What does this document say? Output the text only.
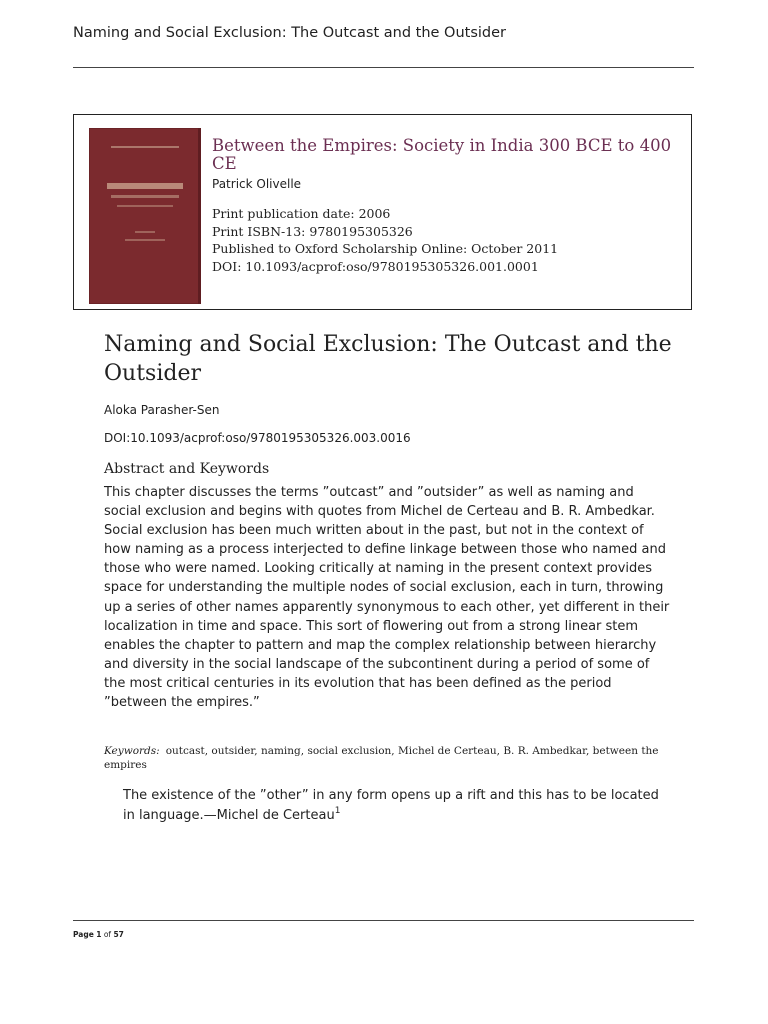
Naming and Social Exclusion: The Outcast and the Outsider
Between the Empires: Society in India 300 BCE to 400 CE
Patrick Olivelle
Print publication date: 2006
Print ISBN-13: 9780195305326
Published to Oxford Scholarship Online: October 2011
DOI: 10.1093/acprof:oso/9780195305326.001.0001
Naming and Social Exclusion: The Outcast and the Outsider
Aloka Parasher-Sen
DOI:10.1093/acprof:oso/9780195305326.003.0016
Abstract and Keywords
This chapter discusses the terms ”outcast” and ”outsider” as well as naming and social exclusion and begins with quotes from Michel de Certeau and B. R. Ambedkar. Social exclusion has been much written about in the past, but not in the context of how naming as a process interjected to define linkage between those who named and those who were named. Looking critically at naming in the present context provides space for understanding the multiple nodes of social exclusion, each in turn, throwing up a series of other names apparently synonymous to each other, yet different in their localization in time and space. This sort of flowering out from a strong linear stem enables the chapter to pattern and map the complex relationship between hierarchy and diversity in the social landscape of the subcontinent during a period of some of the most critical centuries in its evolution that has been defined as the period ”between the empires.”
Keywords: outcast, outsider, naming, social exclusion, Michel de Certeau, B. R. Ambedkar, between the empires
The existence of the ”other” in any form opens up a rift and this has to be located in language.—Michel de Certeau$^1$
Page 1 of 57
